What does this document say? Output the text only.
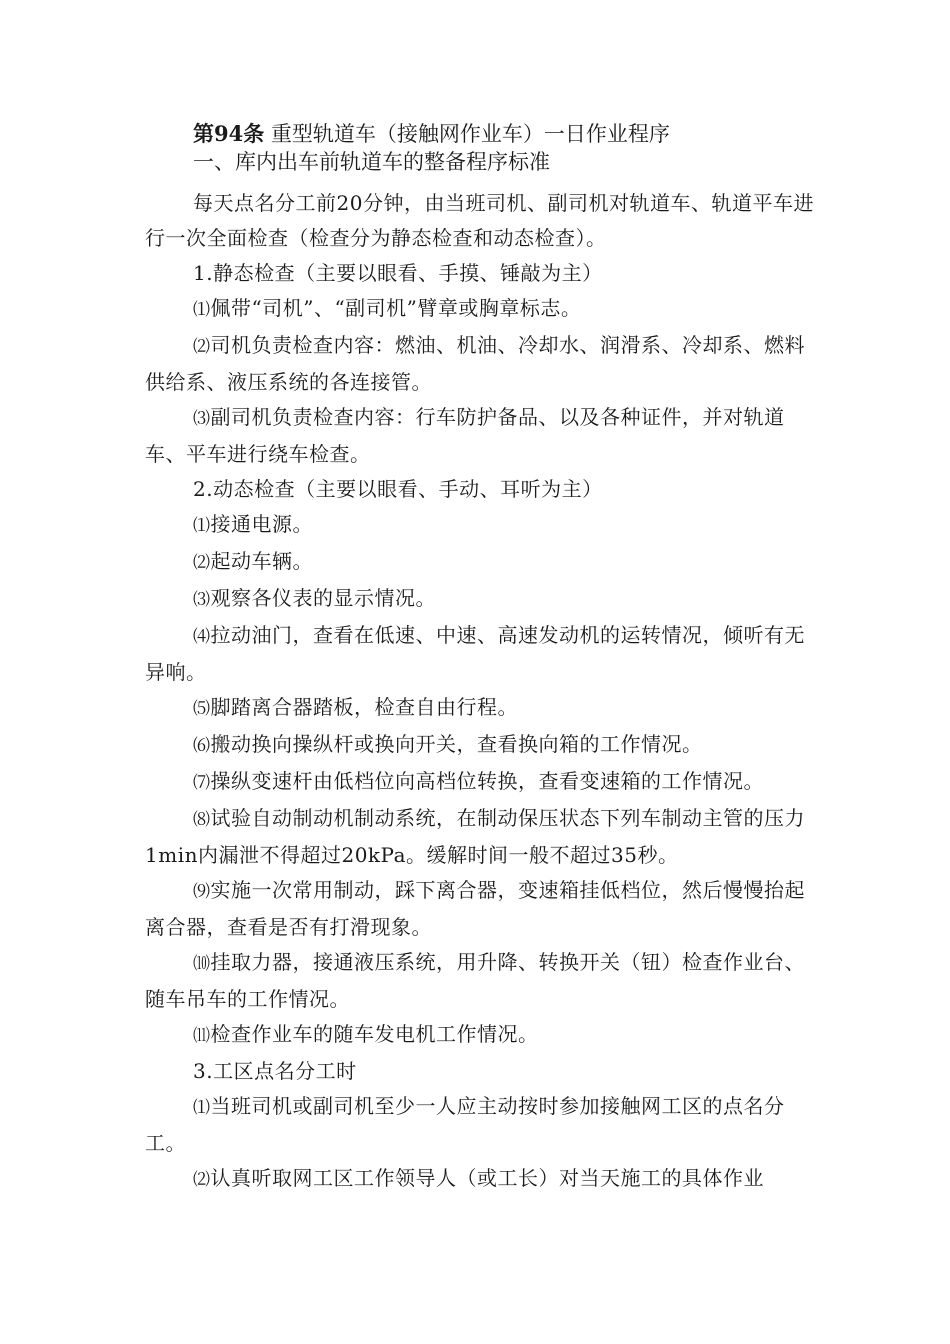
第94条 重型轨道车（接触网作业车）一日作业程序
一、库内出车前轨道车的整备程序标准

每天点名分工前20分钟，由当班司机、副司机对轨道车、轨道平车进行一次全面检查（检查分为静态检查和动态检查）。

1.静态检查（主要以眼看、手摸、锤敲为主）

⑴佩带“司机”、“副司机”臂章或胸章标志。

⑵司机负责检查内容：燃油、机油、冷却水、润滑系、冷却系、燃料供给系、液压系统的各连接管。

⑶副司机负责检查内容：行车防护备品、以及各种证件，并对轨道车、平车进行绕车检查。

2.动态检查（主要以眼看、手动、耳听为主）

⑴接通电源。

⑵起动车辆。

⑶观察各仪表的显示情况。

⑷拉动油门，查看在低速、中速、高速发动机的运转情况，倾听有无异响。

⑸脚踏离合器踏板，检查自由行程。

⑹搬动换向操纵杆或换向开关，查看换向箱的工作情况。

⑺操纵变速杆由低档位向高档位转换，查看变速箱的工作情况。

⑻试验自动制动机制动系统，在制动保压状态下列车制动主管的压力1min内漏泄不得超过20kPa。缓解时间一般不超过35秒。

⑼实施一次常用制动，踩下离合器，变速箱挂低档位，然后慢慢抬起离合器，查看是否有打滑现象。

⑽挂取力器，接通液压系统，用升降、转换开关（钮）检查作业台、随车吊车的工作情况。

⑾检查作业车的随车发电机工作情况。

3.工区点名分工时

⑴当班司机或副司机至少一人应主动按时参加接触网工区的点名分工。

⑵认真听取网工区工作领导人（或工长）对当天施工的具体作业
